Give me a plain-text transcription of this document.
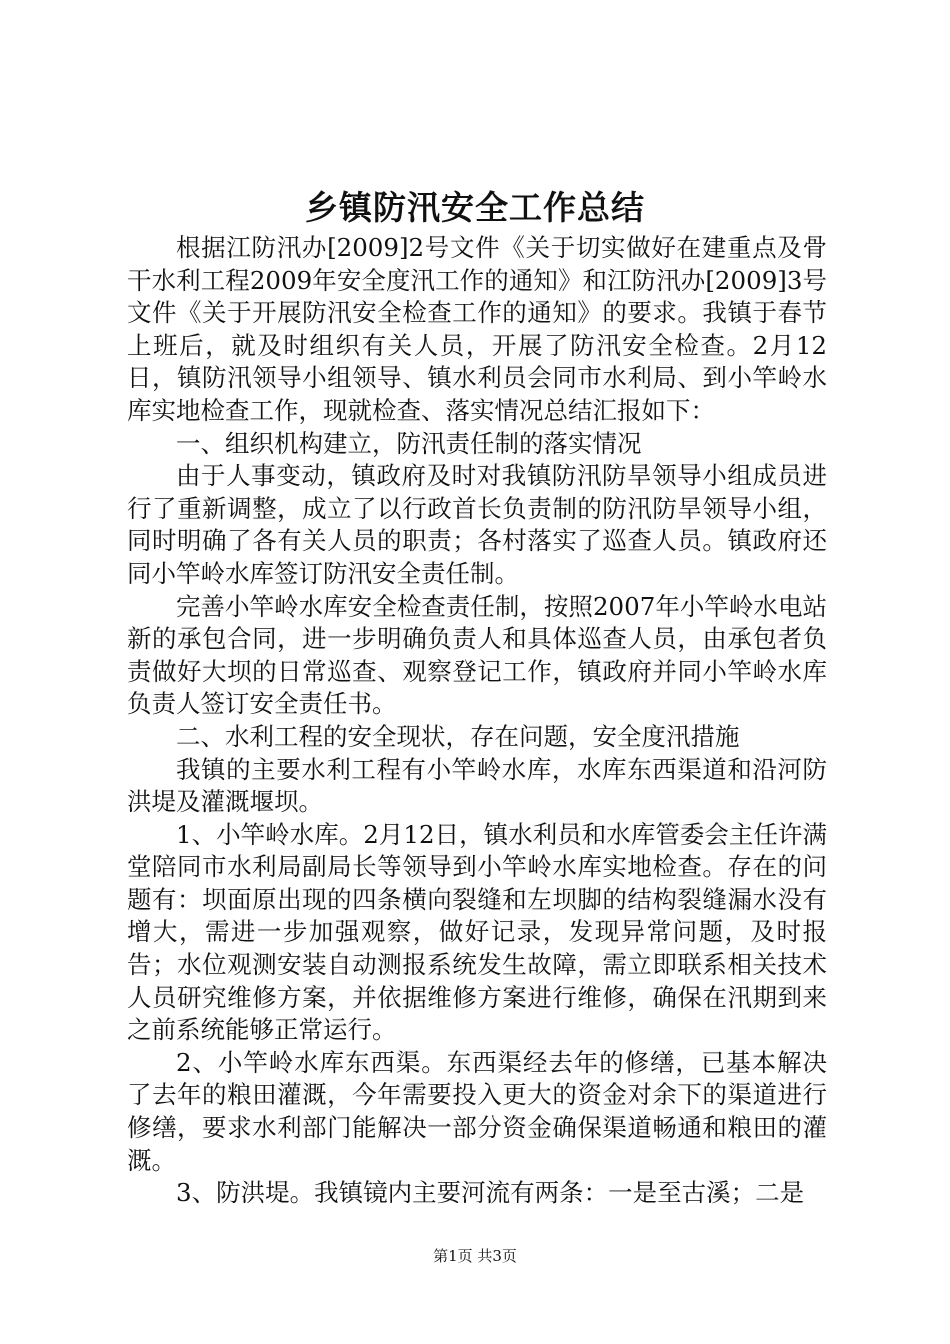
乡镇防汛安全工作总结

根据江防汛办[2009]2号文件《关于切实做好在建重点及骨干水利工程2009年安全度汛工作的通知》和江防汛办[2009]3号文件《关于开展防汛安全检查工作的通知》的要求。我镇于春节上班后，就及时组织有关人员，开展了防汛安全检查。2月12日，镇防汛领导小组领导、镇水利员会同市水利局、到小竿岭水库实地检查工作，现就检查、落实情况总结汇报如下：

一、组织机构建立，防汛责任制的落实情况

由于人事变动，镇政府及时对我镇防汛防旱领导小组成员进行了重新调整，成立了以行政首长负责制的防汛防旱领导小组，同时明确了各有关人员的职责；各村落实了巡查人员。镇政府还同小竿岭水库签订防汛安全责任制。

完善小竿岭水库安全检查责任制，按照2007年小竿岭水电站新的承包合同，进一步明确负责人和具体巡查人员，由承包者负责做好大坝的日常巡查、观察登记工作，镇政府并同小竿岭水库负责人签订安全责任书。

二、水利工程的安全现状，存在问题，安全度汛措施

我镇的主要水利工程有小竿岭水库，水库东西渠道和沿河防洪堤及灌溉堰坝。

1、小竿岭水库。2月12日，镇水利员和水库管委会主任许满堂陪同市水利局副局长等领导到小竿岭水库实地检查。存在的问题有：坝面原出现的四条横向裂缝和左坝脚的结构裂缝漏水没有增大，需进一步加强观察，做好记录，发现异常问题，及时报告；水位观测安装自动测报系统发生故障，需立即联系相关技术人员研究维修方案，并依据维修方案进行维修，确保在汛期到来之前系统能够正常运行。

2、小竿岭水库东西渠。东西渠经去年的修缮，已基本解决了去年的粮田灌溉，今年需要投入更大的资金对余下的渠道进行修缮，要求水利部门能解决一部分资金确保渠道畅通和粮田的灌溉。

3、防洪堤。我镇镜内主要河流有两条：一是至古溪；二是

第1页 共3页
